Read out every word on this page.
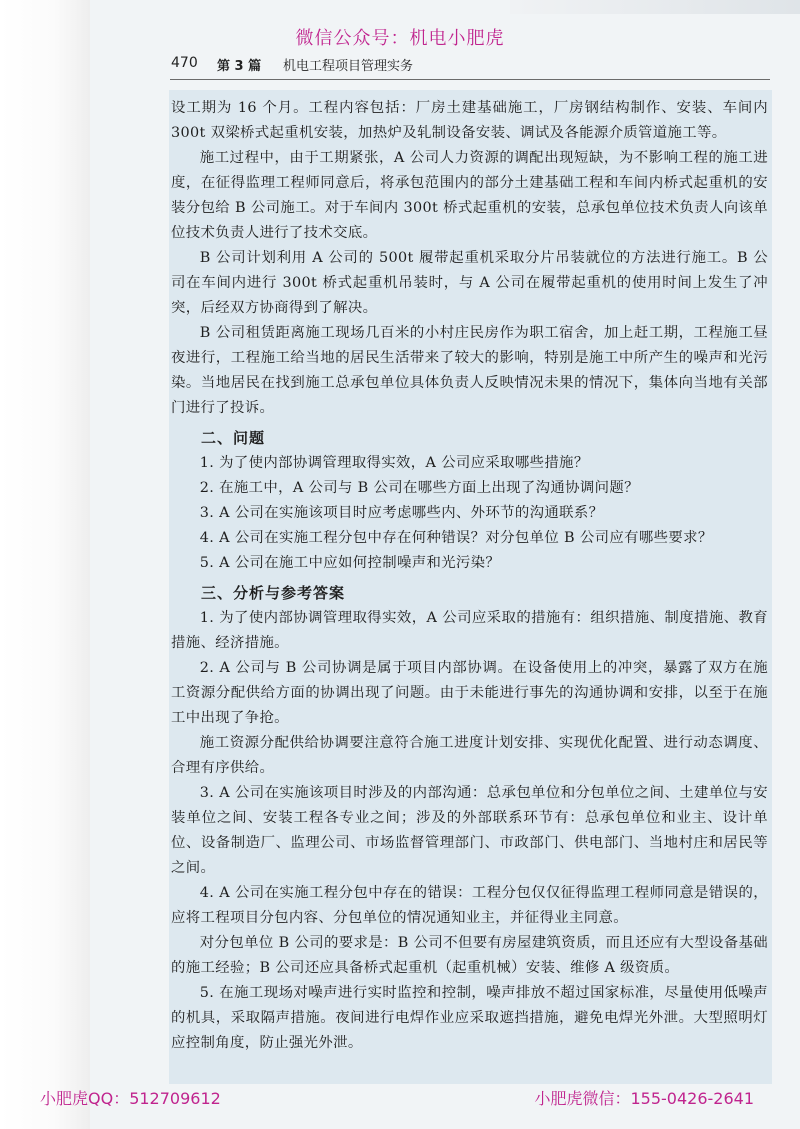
微信公众号：机电小肥虎
470 第 3 篇 机电工程项目管理实务

设工期为 16 个月。工程内容包括：厂房土建基础施工，厂房钢结构制作、安装、车间内 300t 双梁桥式起重机安装，加热炉及轧制设备安装、调试及各能源介质管道施工等。

施工过程中，由于工期紧张，A 公司人力资源的调配出现短缺，为不影响工程的施工进度，在征得监理工程师同意后，将承包范围内的部分土建基础工程和车间内桥式起重机的安装分包给 B 公司施工。对于车间内 300t 桥式起重机的安装，总承包单位技术负责人向该单位技术负责人进行了技术交底。

B 公司计划利用 A 公司的 500t 履带起重机采取分片吊装就位的方法进行施工。B 公司在车间内进行 300t 桥式起重机吊装时，与 A 公司在履带起重机的使用时间上发生了冲突，后经双方协商得到了解决。

B 公司租赁距离施工现场几百米的小村庄民房作为职工宿舍，加上赶工期，工程施工昼夜进行，工程施工给当地的居民生活带来了较大的影响，特别是施工中所产生的噪声和光污染。当地居民在找到施工总承包单位具体负责人反映情况未果的情况下，集体向当地有关部门进行了投诉。

二、问题
1. 为了使内部协调管理取得实效，A 公司应采取哪些措施？
2. 在施工中，A 公司与 B 公司在哪些方面上出现了沟通协调问题？
3. A 公司在实施该项目时应考虑哪些内、外环节的沟通联系？
4. A 公司在实施工程分包中存在何种错误？对分包单位 B 公司应有哪些要求？
5. A 公司在施工中应如何控制噪声和光污染？
三、分析与参考答案

1. 为了使内部协调管理取得实效，A 公司应采取的措施有：组织措施、制度措施、教育措施、经济措施。

2. A 公司与 B 公司协调是属于项目内部协调。在设备使用上的冲突，暴露了双方在施工资源分配供给方面的协调出现了问题。由于未能进行事先的沟通协调和安排，以至于在施工中出现了争抢。

施工资源分配供给协调要注意符合施工进度计划安排、实现优化配置、进行动态调度、合理有序供给。

3. A 公司在实施该项目时涉及的内部沟通：总承包单位和分包单位之间、土建单位与安装单位之间、安装工程各专业之间；涉及的外部联系环节有：总承包单位和业主、设计单位、设备制造厂、监理公司、市场监督管理部门、市政部门、供电部门、当地村庄和居民等之间。

4. A 公司在实施工程分包中存在的错误：工程分包仅仅征得监理工程师同意是错误的，应将工程项目分包内容、分包单位的情况通知业主，并征得业主同意。

对分包单位 B 公司的要求是：B 公司不但要有房屋建筑资质，而且还应有大型设备基础的施工经验；B 公司还应具备桥式起重机（起重机械）安装、维修 A 级资质。

5. 在施工现场对噪声进行实时监控和控制，噪声排放不超过国家标准，尽量使用低噪声的机具，采取隔声措施。夜间进行电焊作业应采取遮挡措施，避免电焊光外泄。大型照明灯应控制角度，防止强光外泄。

小肥虎QQ：512709612	小肥虎微信：155-0426-2641
